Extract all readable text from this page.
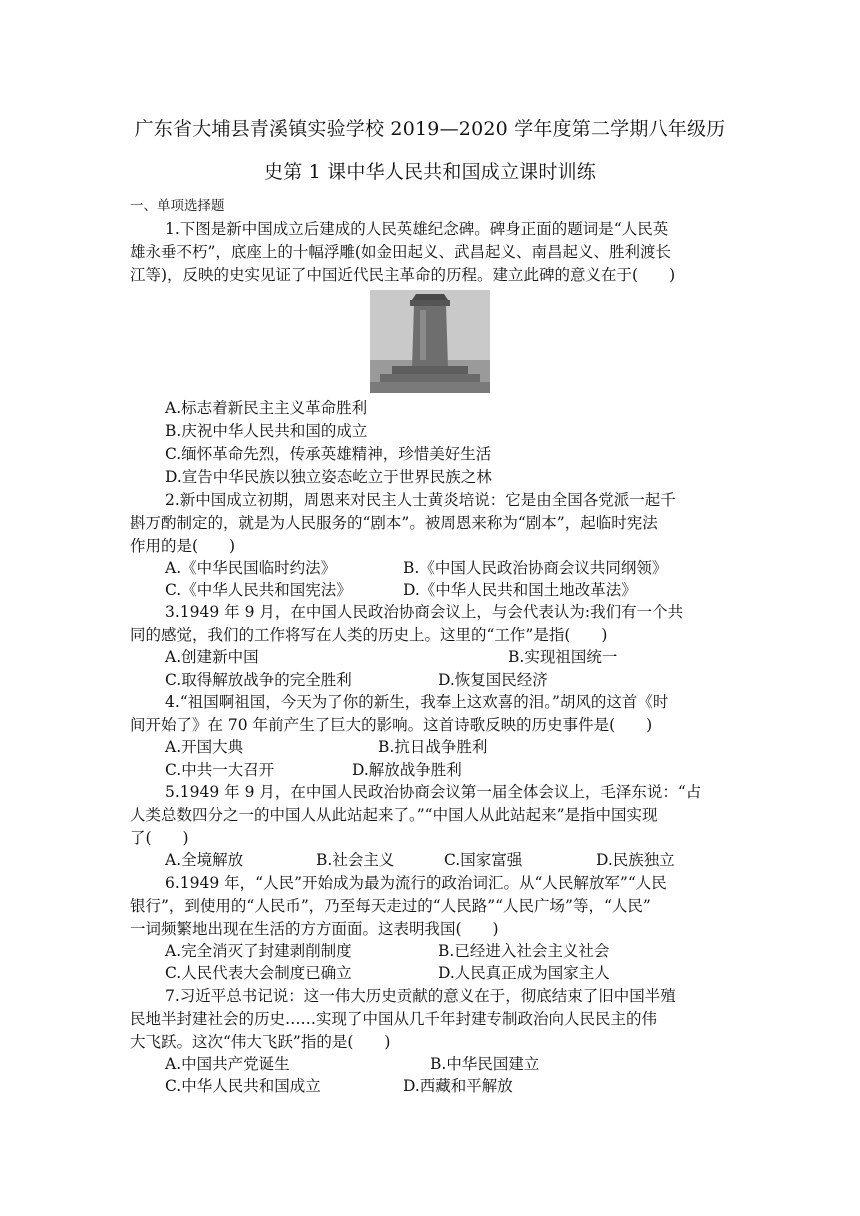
广东省大埔县青溪镇实验学校 2019—2020 学年度第二学期八年级历
史第 1 课中华人民共和国成立课时训练
一、单项选择题
1.下图是新中国成立后建成的人民英雄纪念碑。碑身正面的题词是“人民英
雄永垂不朽”，底座上的十幅浮雕(如金田起义、武昌起义、南昌起义、胜利渡长
江等)，反映的史实见证了中国近代民主革命的历程。建立此碑的意义在于(　　)
A.标志着新民主主义革命胜利
B.庆祝中华人民共和国的成立
C.缅怀革命先烈，传承英雄精神，珍惜美好生活
D.宣告中华民族以独立姿态屹立于世界民族之林
2.新中国成立初期，周恩来对民主人士黄炎培说：它是由全国各党派一起千
斟万酌制定的，就是为人民服务的“剧本”。被周恩来称为“剧本”，起临时宪法
作用的是(　　)
A.《中华民国临时约法》	B.《中国人民政治协商会议共同纲领》
C.《中华人民共和国宪法》	D.《中华人民共和国土地改革法》
3.1949 年 9 月，在中国人民政治协商会议上，与会代表认为:我们有一个共
同的感觉，我们的工作将写在人类的历史上。这里的“工作”是指(　　)
A.创建新中国	B.实现祖国统一
C.取得解放战争的完全胜利	D.恢复国民经济
4.“祖国啊祖国，今天为了你的新生，我奉上这欢喜的泪。”胡风的这首《时
间开始了》在 70 年前产生了巨大的影响。这首诗歌反映的历史事件是(　　)
A.开国大典	B.抗日战争胜利
C.中共一大召开	D.解放战争胜利
5.1949 年 9 月，在中国人民政治协商会议第一届全体会议上，毛泽东说：“占
人类总数四分之一的中国人从此站起来了。”“中国人从此站起来”是指中国实现
了(　　)
A.全境解放	B.社会主义	C.国家富强	D.民族独立
6.1949 年，“人民”开始成为最为流行的政治词汇。从“人民解放军”“人民
银行”，到使用的“人民币”，乃至每天走过的“人民路”“人民广场”等，“人民”
一词频繁地出现在生活的方方面面。这表明我国(　　)
A.完全消灭了封建剥削制度	B.已经进入社会主义社会
C.人民代表大会制度已确立	D.人民真正成为国家主人
7.习近平总书记说：这一伟大历史贡献的意义在于，彻底结束了旧中国半殖
民地半封建社会的历史……实现了中国从几千年封建专制政治向人民民主的伟
大飞跃。这次“伟大飞跃”指的是(　　)
A.中国共产党诞生	B.中华民国建立
C.中华人民共和国成立	D.西藏和平解放
